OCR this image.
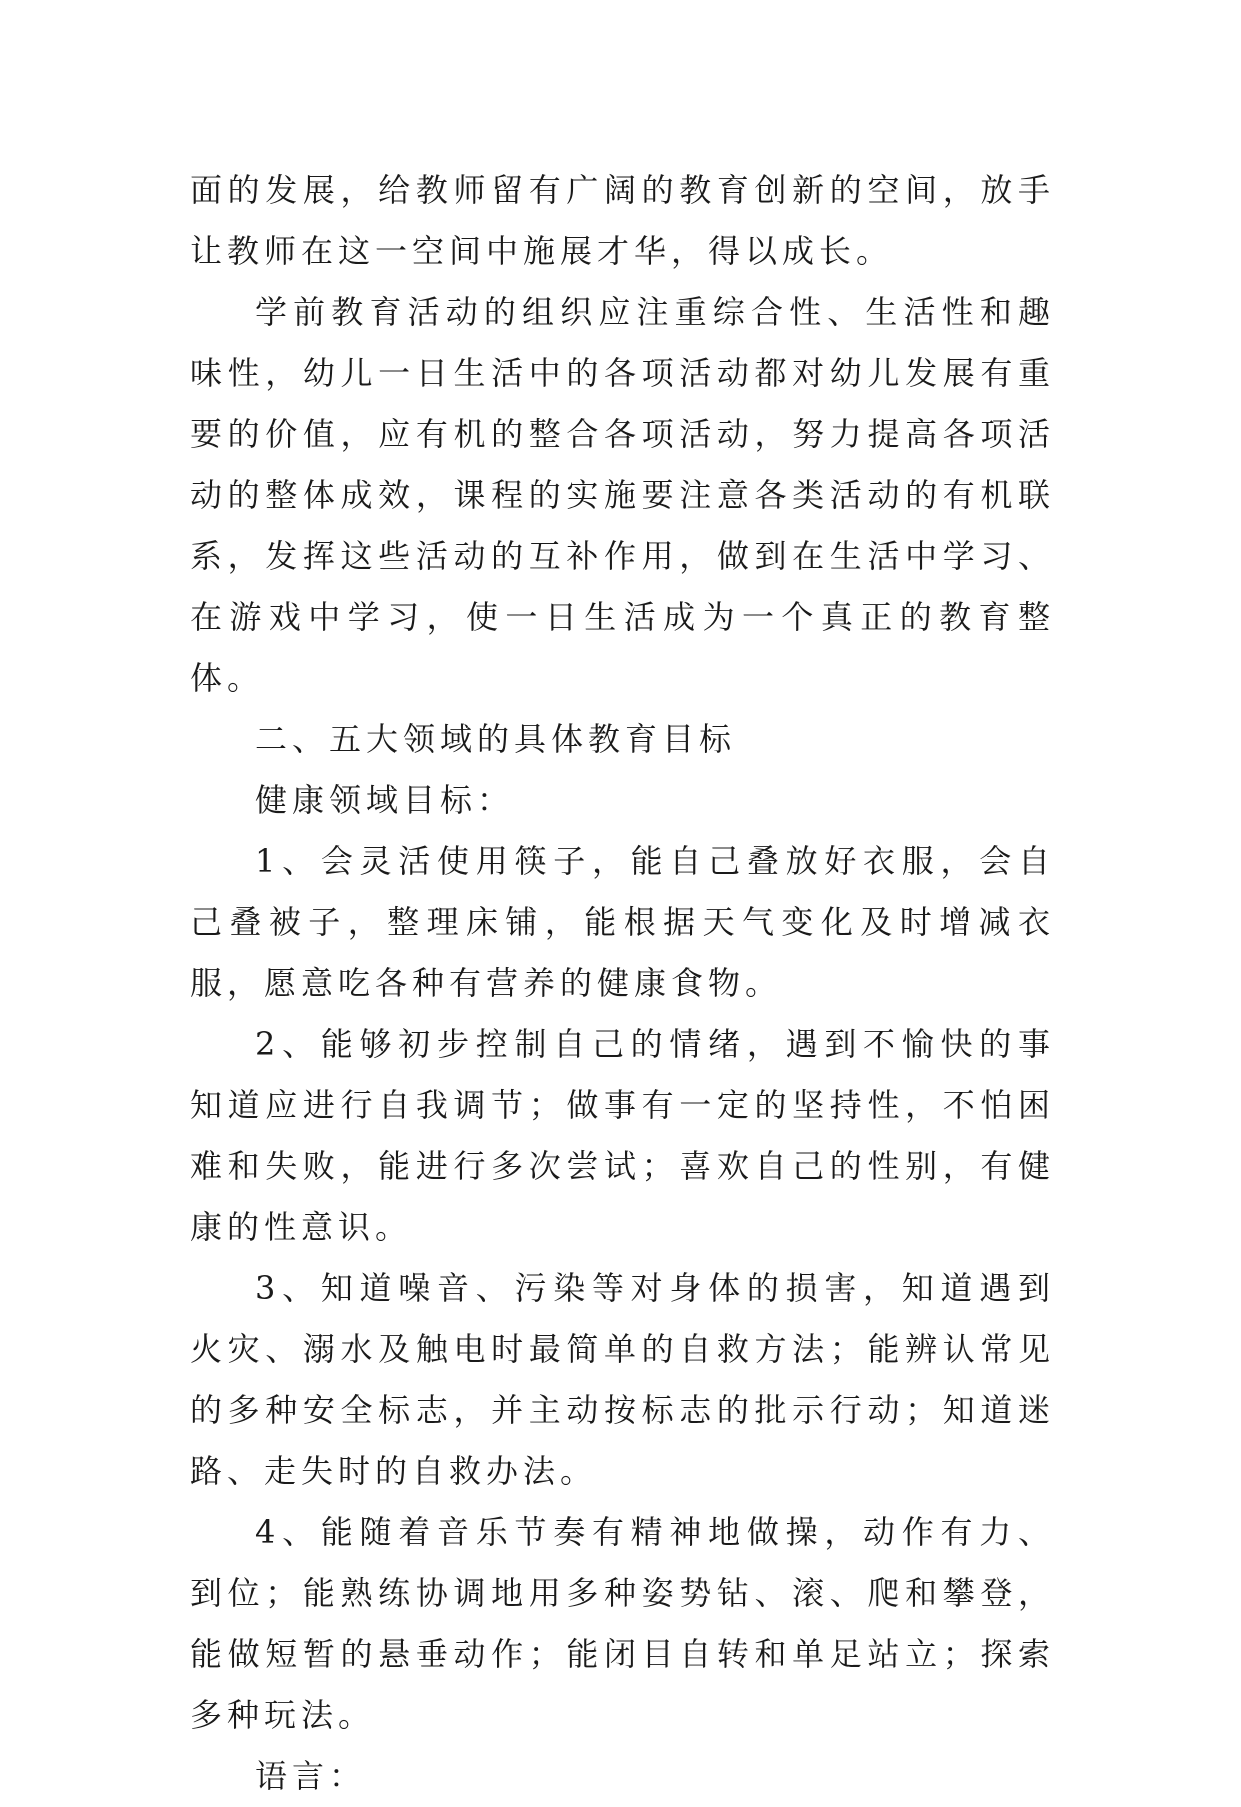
面的发展，给教师留有广阔的教育创新的空间，放手让教师在这一空间中施展才华，得以成长。

学前教育活动的组织应注重综合性、生活性和趣味性，幼儿一日生活中的各项活动都对幼儿发展有重要的价值，应有机的整合各项活动，努力提高各项活动的整体成效，课程的实施要注意各类活动的有机联系，发挥这些活动的互补作用，做到在生活中学习、在游戏中学习，使一日生活成为一个真正的教育整体。

二、五大领域的具体教育目标

健康领域目标：

1、会灵活使用筷子，能自己叠放好衣服，会自己叠被子，整理床铺，能根据天气变化及时增减衣服，愿意吃各种有营养的健康食物。

2、能够初步控制自己的情绪，遇到不愉快的事知道应进行自我调节；做事有一定的坚持性，不怕困难和失败，能进行多次尝试；喜欢自己的性别，有健康的性意识。

3、知道噪音、污染等对身体的损害，知道遇到火灾、溺水及触电时最简单的自救方法；能辨认常见的多种安全标志，并主动按标志的批示行动；知道迷路、走失时的自救办法。

4、能随着音乐节奏有精神地做操，动作有力、到位；能熟练协调地用多种姿势钻、滚、爬和攀登，能做短暂的悬垂动作；能闭目自转和单足站立；探索多种玩法。

语言：
